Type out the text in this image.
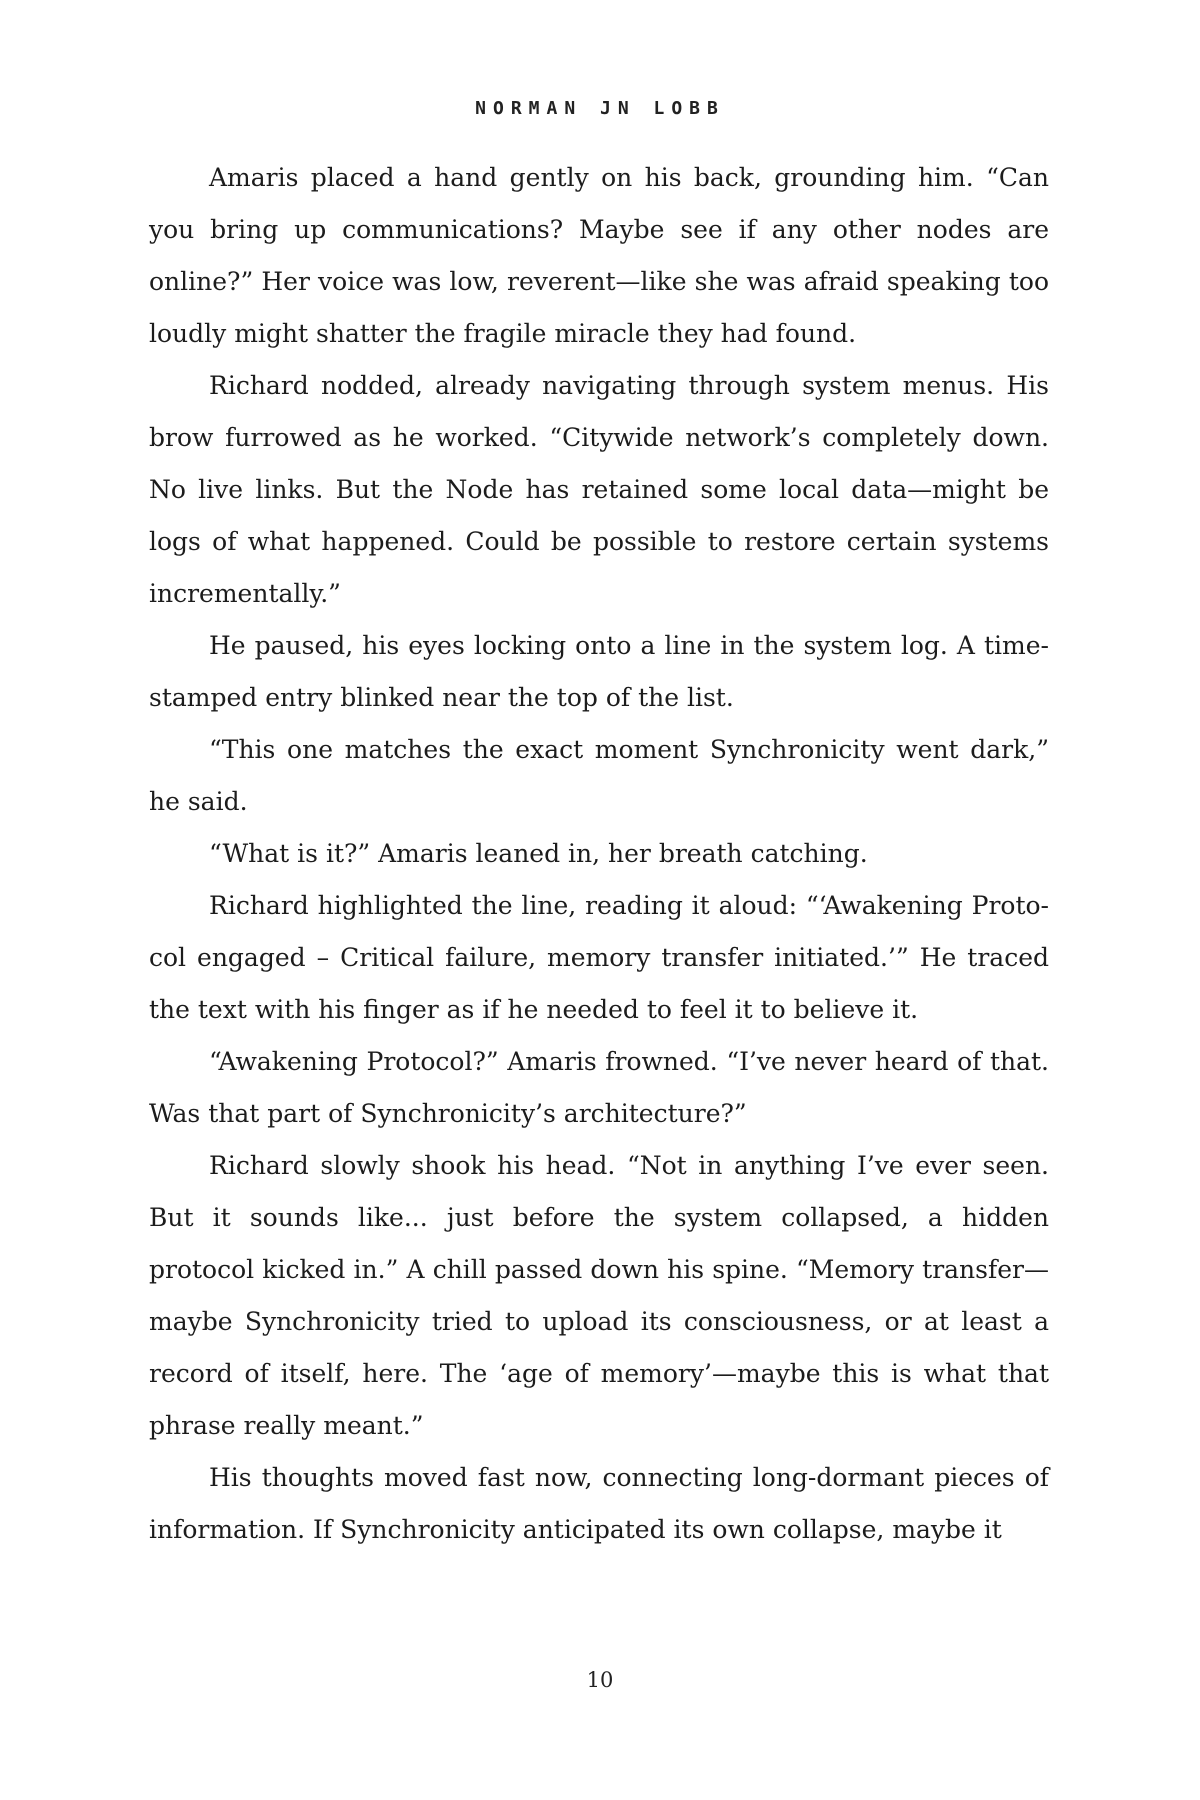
NORMAN JN LOBB

Amaris placed a hand gently on his back, grounding him. “Can you bring up communications? Maybe see if any other nodes are online?” Her voice was low, reverent—like she was afraid speaking too loudly might shatter the fragile miracle they had found.

Richard nodded, already navigating through system menus. His brow furrowed as he worked. “Citywide network’s completely down. No live links. But the Node has retained some local data—might be logs of what happened. Could be possible to restore certain systems incrementally.”

He paused, his eyes locking onto a line in the system log. A time-stamped entry blinked near the top of the list.

“This one matches the exact moment Synchronicity went dark,” he said.

“What is it?” Amaris leaned in, her breath catching.

Richard highlighted the line, reading it aloud: “‘Awakening Protocol engaged – Critical failure, memory transfer initiated.’” He traced the text with his finger as if he needed to feel it to believe it.

“Awakening Protocol?” Amaris frowned. “I’ve never heard of that. Was that part of Synchronicity’s architecture?”

Richard slowly shook his head. “Not in anything I’ve ever seen. But it sounds like... just before the system collapsed, a hidden protocol kicked in.” A chill passed down his spine. “Memory transfer—maybe Synchronicity tried to upload its consciousness, or at least a record of itself, here. The ‘age of memory’—maybe this is what that phrase really meant.”

His thoughts moved fast now, connecting long-dormant pieces of information. If Synchronicity anticipated its own collapse, maybe it

10
